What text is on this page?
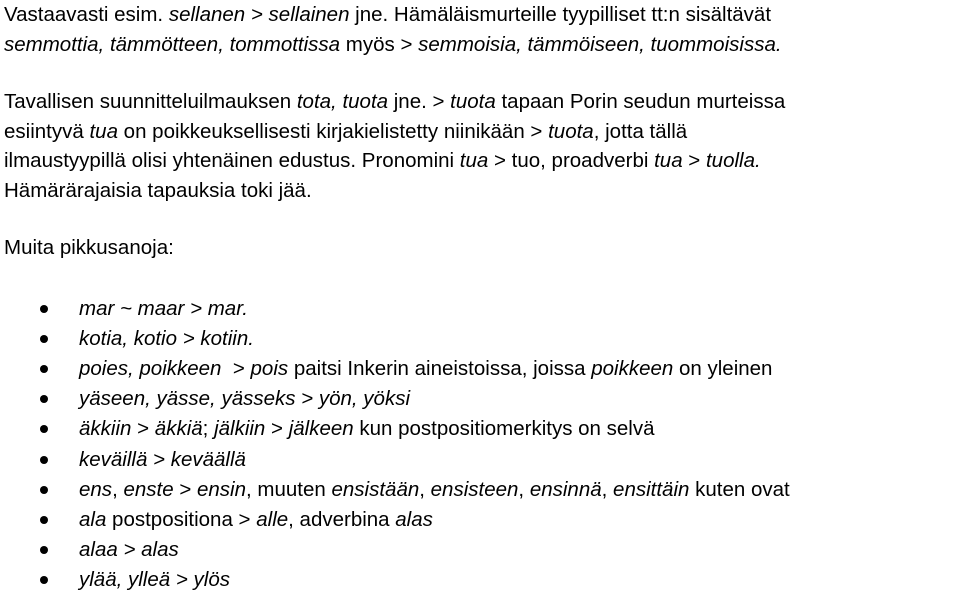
Vastaavasti esim. sellanen > sellainen jne. Hämäläismurteille tyypilliset tt:n sisältävät
semmottia, tämmötteen, tommottissa myös > semmoisia, tämmöiseen, tuommoisissa.

Tavallisen suunnitteluilmauksen tota, tuota jne. > tuota tapaan Porin seudun murteissa
esiintyvä tua on poikkeuksellisesti kirjakielistetty niinikään > tuota, jotta tällä
ilmaustyypillä olisi yhtenäinen edustus. Pronomini tua > tuo, proadverbi tua > tuolla.
Hämärärajaisia tapauksia toki jää.

Muita pikkusanoja:

mar ~ maar > mar.
kotia, kotio > kotiin.
poies, poikkeen  > pois paitsi Inkerin aineistoissa, joissa poikkeen on yleinen
yäseen, yässe, yässeks > yön, yöksi
äkkiin > äkkiä; jälkiin > jälkeen kun postpositiomerkitys on selvä
keväillä > keväällä
ens, enste > ensin, muuten ensistään, ensisteen, ensinnä, ensittäin kuten ovat
ala postpositiona > alle, adverbina alas
alaa > alas
ylää, ylleä > ylös
